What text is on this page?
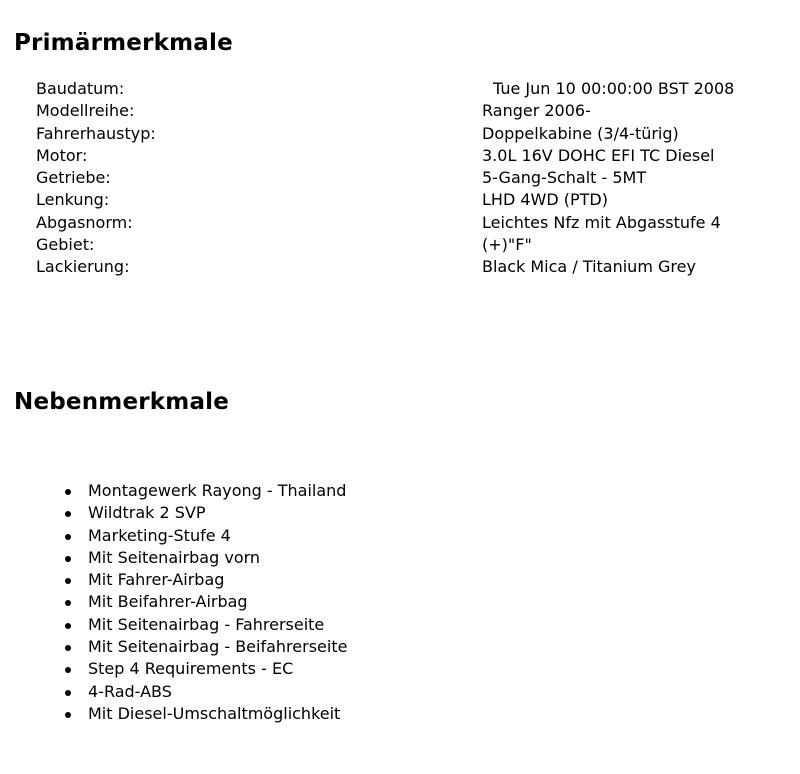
Primärmerkmale
Baudatum:	Tue Jun 10 00:00:00 BST 2008
Modellreihe:	Ranger 2006-
Fahrerhaustyp:	Doppelkabine (3/4-türig)
Motor:	3.0L 16V DOHC EFI TC Diesel
Getriebe:	5-Gang-Schalt - 5MT
Lenkung:	LHD 4WD (PTD)
Abgasnorm:	Leichtes Nfz mit Abgasstufe 4
Gebiet:	(+)"F"
Lackierung:	Black Mica / Titanium Grey
Nebenmerkmale
Montagewerk Rayong - Thailand
Wildtrak 2 SVP
Marketing-Stufe 4
Mit Seitenairbag vorn
Mit Fahrer-Airbag
Mit Beifahrer-Airbag
Mit Seitenairbag - Fahrerseite
Mit Seitenairbag - Beifahrerseite
Step 4 Requirements - EC
4-Rad-ABS
Mit Diesel-Umschaltmöglichkeit
